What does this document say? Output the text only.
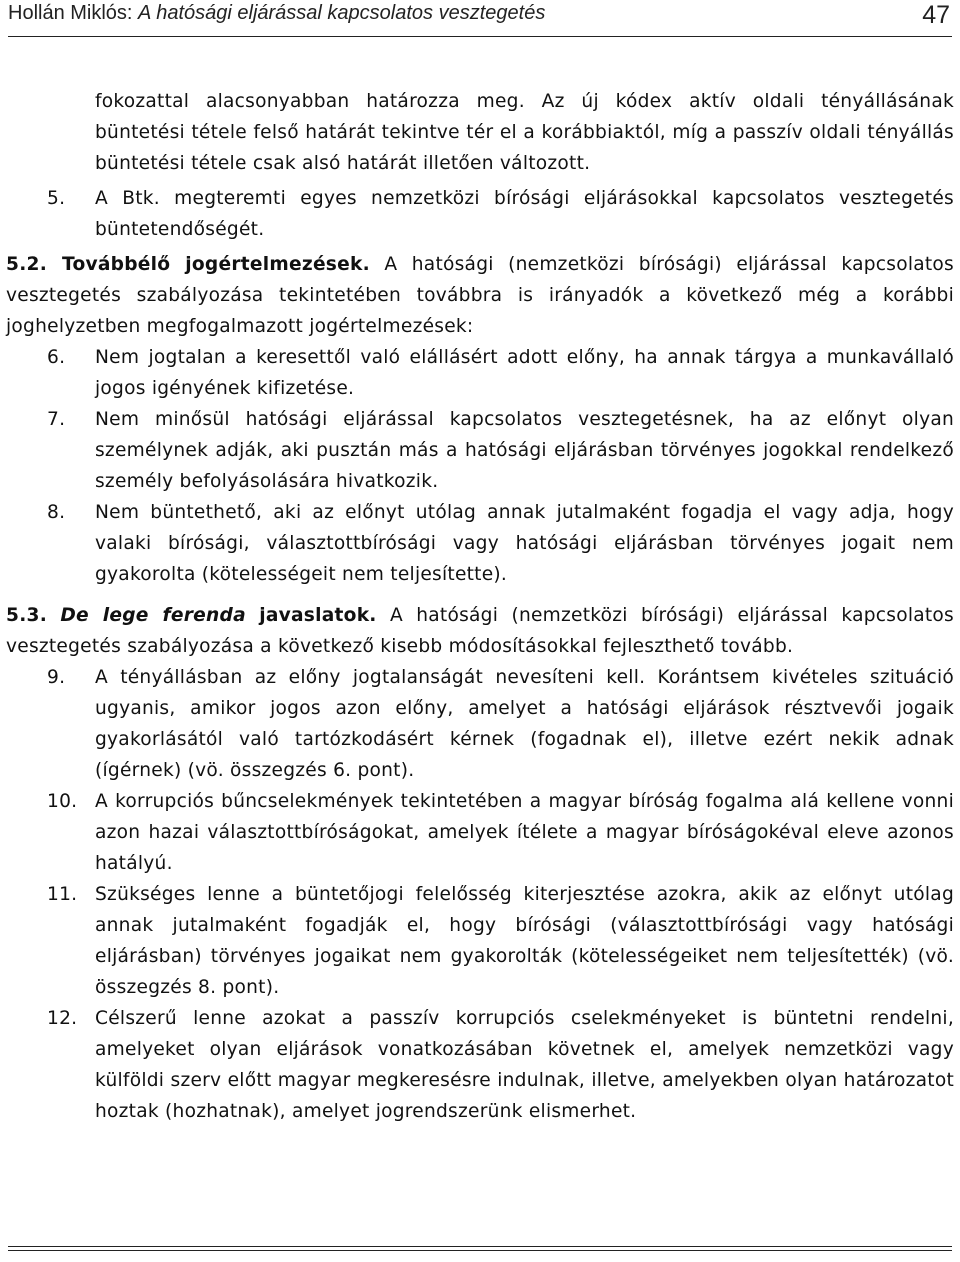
Hollán Miklós: A hatósági eljárással kapcsolatos vesztegetés	47
fokozattal alacsonyabban határozza meg. Az új kódex aktív oldali tényállásának büntetési tétele felső határát tekintve tér el a korábbiaktól, míg a passzív oldali tényállás büntetési tétele csak alsó határát illetően változott.
5. A Btk. megteremti egyes nemzetközi bírósági eljárásokkal kapcsolatos vesztegetés büntetendőségét.
5.2. Továbbélő jogértelmezések. A hatósági (nemzetközi bírósági) eljárással kapcsolatos vesztegetés szabályozása tekintetében továbbra is irányadók a következő még a korábbi joghelyzetben megfogalmazott jogértelmezések:
6. Nem jogtalan a keresettől való elállásért adott előny, ha annak tárgya a munkavállaló jogos igényének kifizetése.
7. Nem minősül hatósági eljárással kapcsolatos vesztegetésnek, ha az előnyt olyan személynek adják, aki pusztán más a hatósági eljárásban törvényes jogokkal rendelkező személy befolyásolására hivatkozik.
8. Nem büntethető, aki az előnyt utólag annak jutalmaként fogadja el vagy adja, hogy valaki bírósági, választottbírósági vagy hatósági eljárásban törvényes jogait nem gyakorolta (kötelességeit nem teljesítette).
5.3. De lege ferenda javaslatok. A hatósági (nemzetközi bírósági) eljárással kapcsolatos vesztegetés szabályozása a következő kisebb módosításokkal fejleszthető tovább.
9. A tényállásban az előny jogtalanságát nevesíteni kell. Korántsem kivételes szituáció ugyanis, amikor jogos azon előny, amelyet a hatósági eljárások résztvevői jogaik gyakorlásától való tartózkodásért kérnek (fogadnak el), illetve ezért nekik adnak (ígérnek) (vö. összegzés 6. pont).
10. A korrupciós bűncselekmények tekintetében a magyar bíróság fogalma alá kellene vonni azon hazai választottbíróságokat, amelyek ítélete a magyar bíróságokéval eleve azonos hatályú.
11. Szükséges lenne a büntetőjogi felelősség kiterjesztése azokra, akik az előnyt utólag annak jutalmaként fogadják el, hogy bírósági (választottbírósági vagy hatósági eljárásban) törvényes jogaikat nem gyakorolták (kötelességeiket nem teljesítették) (vö. összegzés 8. pont).
12. Célszerű lenne azokat a passzív korrupciós cselekményeket is büntetni rendelni, amelyeket olyan eljárások vonatkozásában követnek el, amelyek nemzetközi vagy külföldi szerv előtt magyar megkeresésre indulnak, illetve, amelyekben olyan határozatot hoztak (hozhatnak), amelyet jogrendszerünk elismerhet.
